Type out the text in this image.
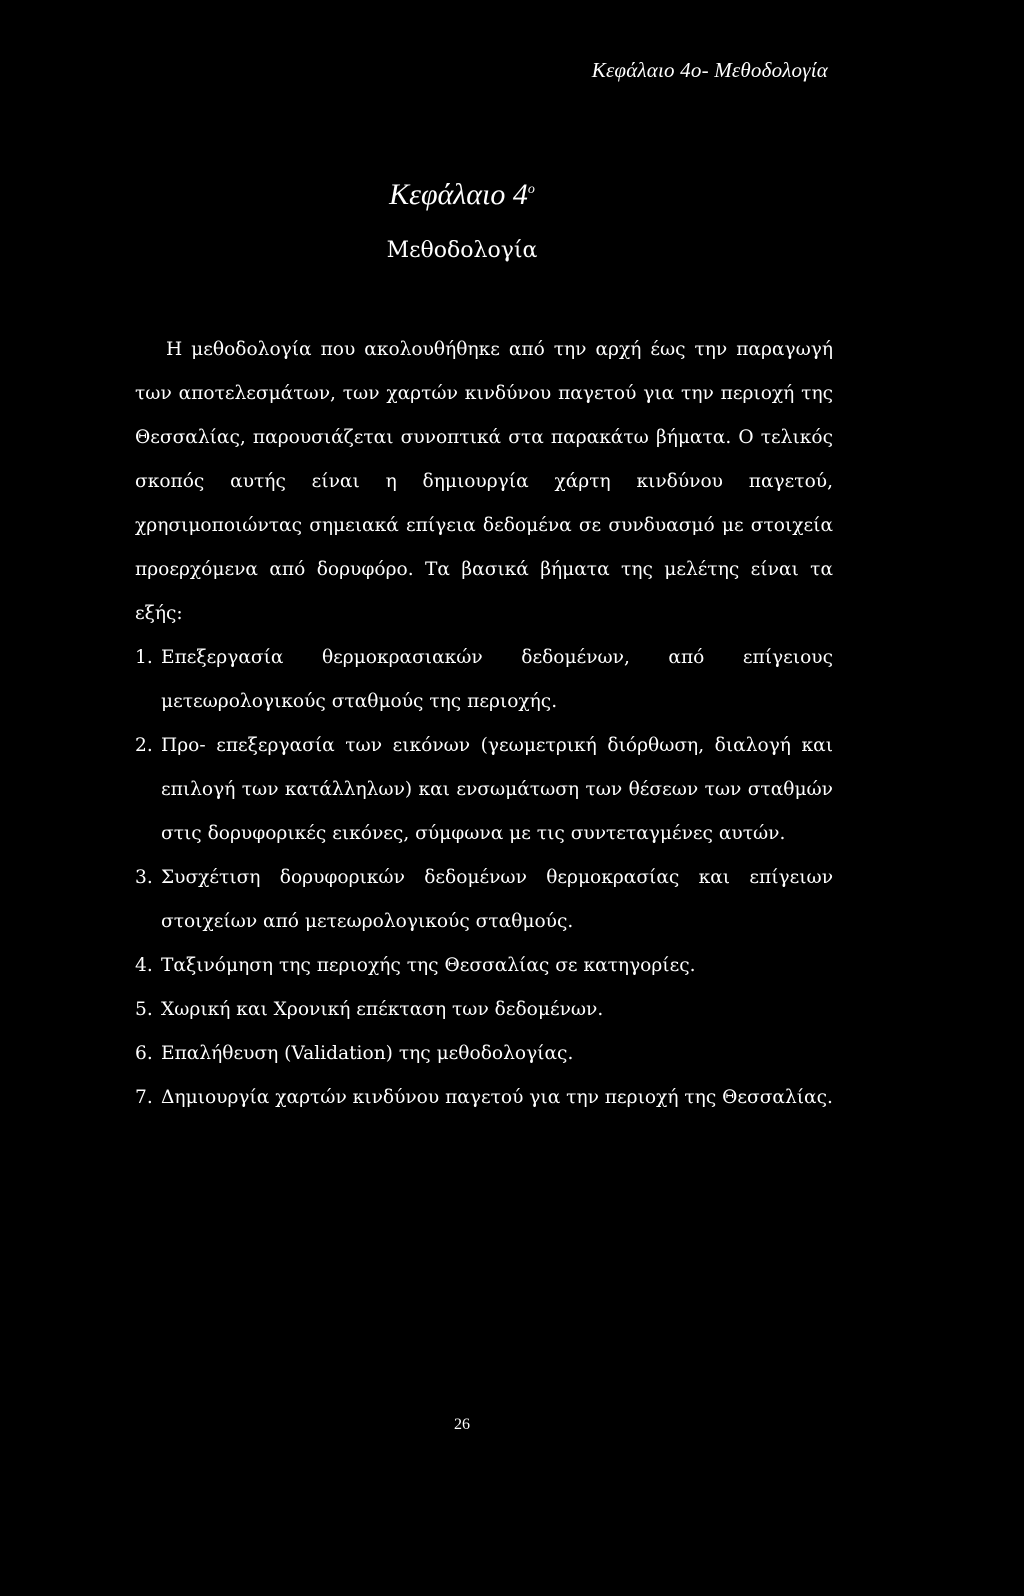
Κεφάλαιο 4ο- Μεθοδολογία
Κεφάλαιο $4^o$
Μεθοδολογία

Η μεθοδολογία που ακολουθήθηκε από την αρχή έως την παραγωγή των αποτελεσμάτων, των χαρτών κινδύνου παγετού για την περιοχή της Θεσσαλίας, παρουσιάζεται συνοπτικά στα παρακάτω βήματα. Ο τελικός σκοπός αυτής είναι η δημιουργία χάρτη κινδύνου παγετού, χρησιμοποιώντας σημειακά επίγεια δεδομένα σε συνδυασμό με στοιχεία προερχόμενα από δορυφόρο. Τα βασικά βήματα της μελέτης είναι τα εξής:

1. Επεξεργασία θερμοκρασιακών δεδομένων, από επίγειους μετεωρολογικούς σταθμούς της περιοχής.
2. Προ- επεξεργασία των εικόνων (γεωμετρική διόρθωση, διαλογή και επιλογή των κατάλληλων) και ενσωμάτωση των θέσεων των σταθμών στις δορυφορικές εικόνες, σύμφωνα με τις συντεταγμένες αυτών.
3. Συσχέτιση δορυφορικών δεδομένων θερμοκρασίας και επίγειων στοιχείων από μετεωρολογικούς σταθμούς.
4. Ταξινόμηση της περιοχής της Θεσσαλίας σε κατηγορίες.
5. Χωρική και Χρονική επέκταση των δεδομένων.
6. Επαλήθευση (Validation) της μεθοδολογίας.
7. Δημιουργία χαρτών κινδύνου παγετού για την περιοχή της Θεσσαλίας.
26
